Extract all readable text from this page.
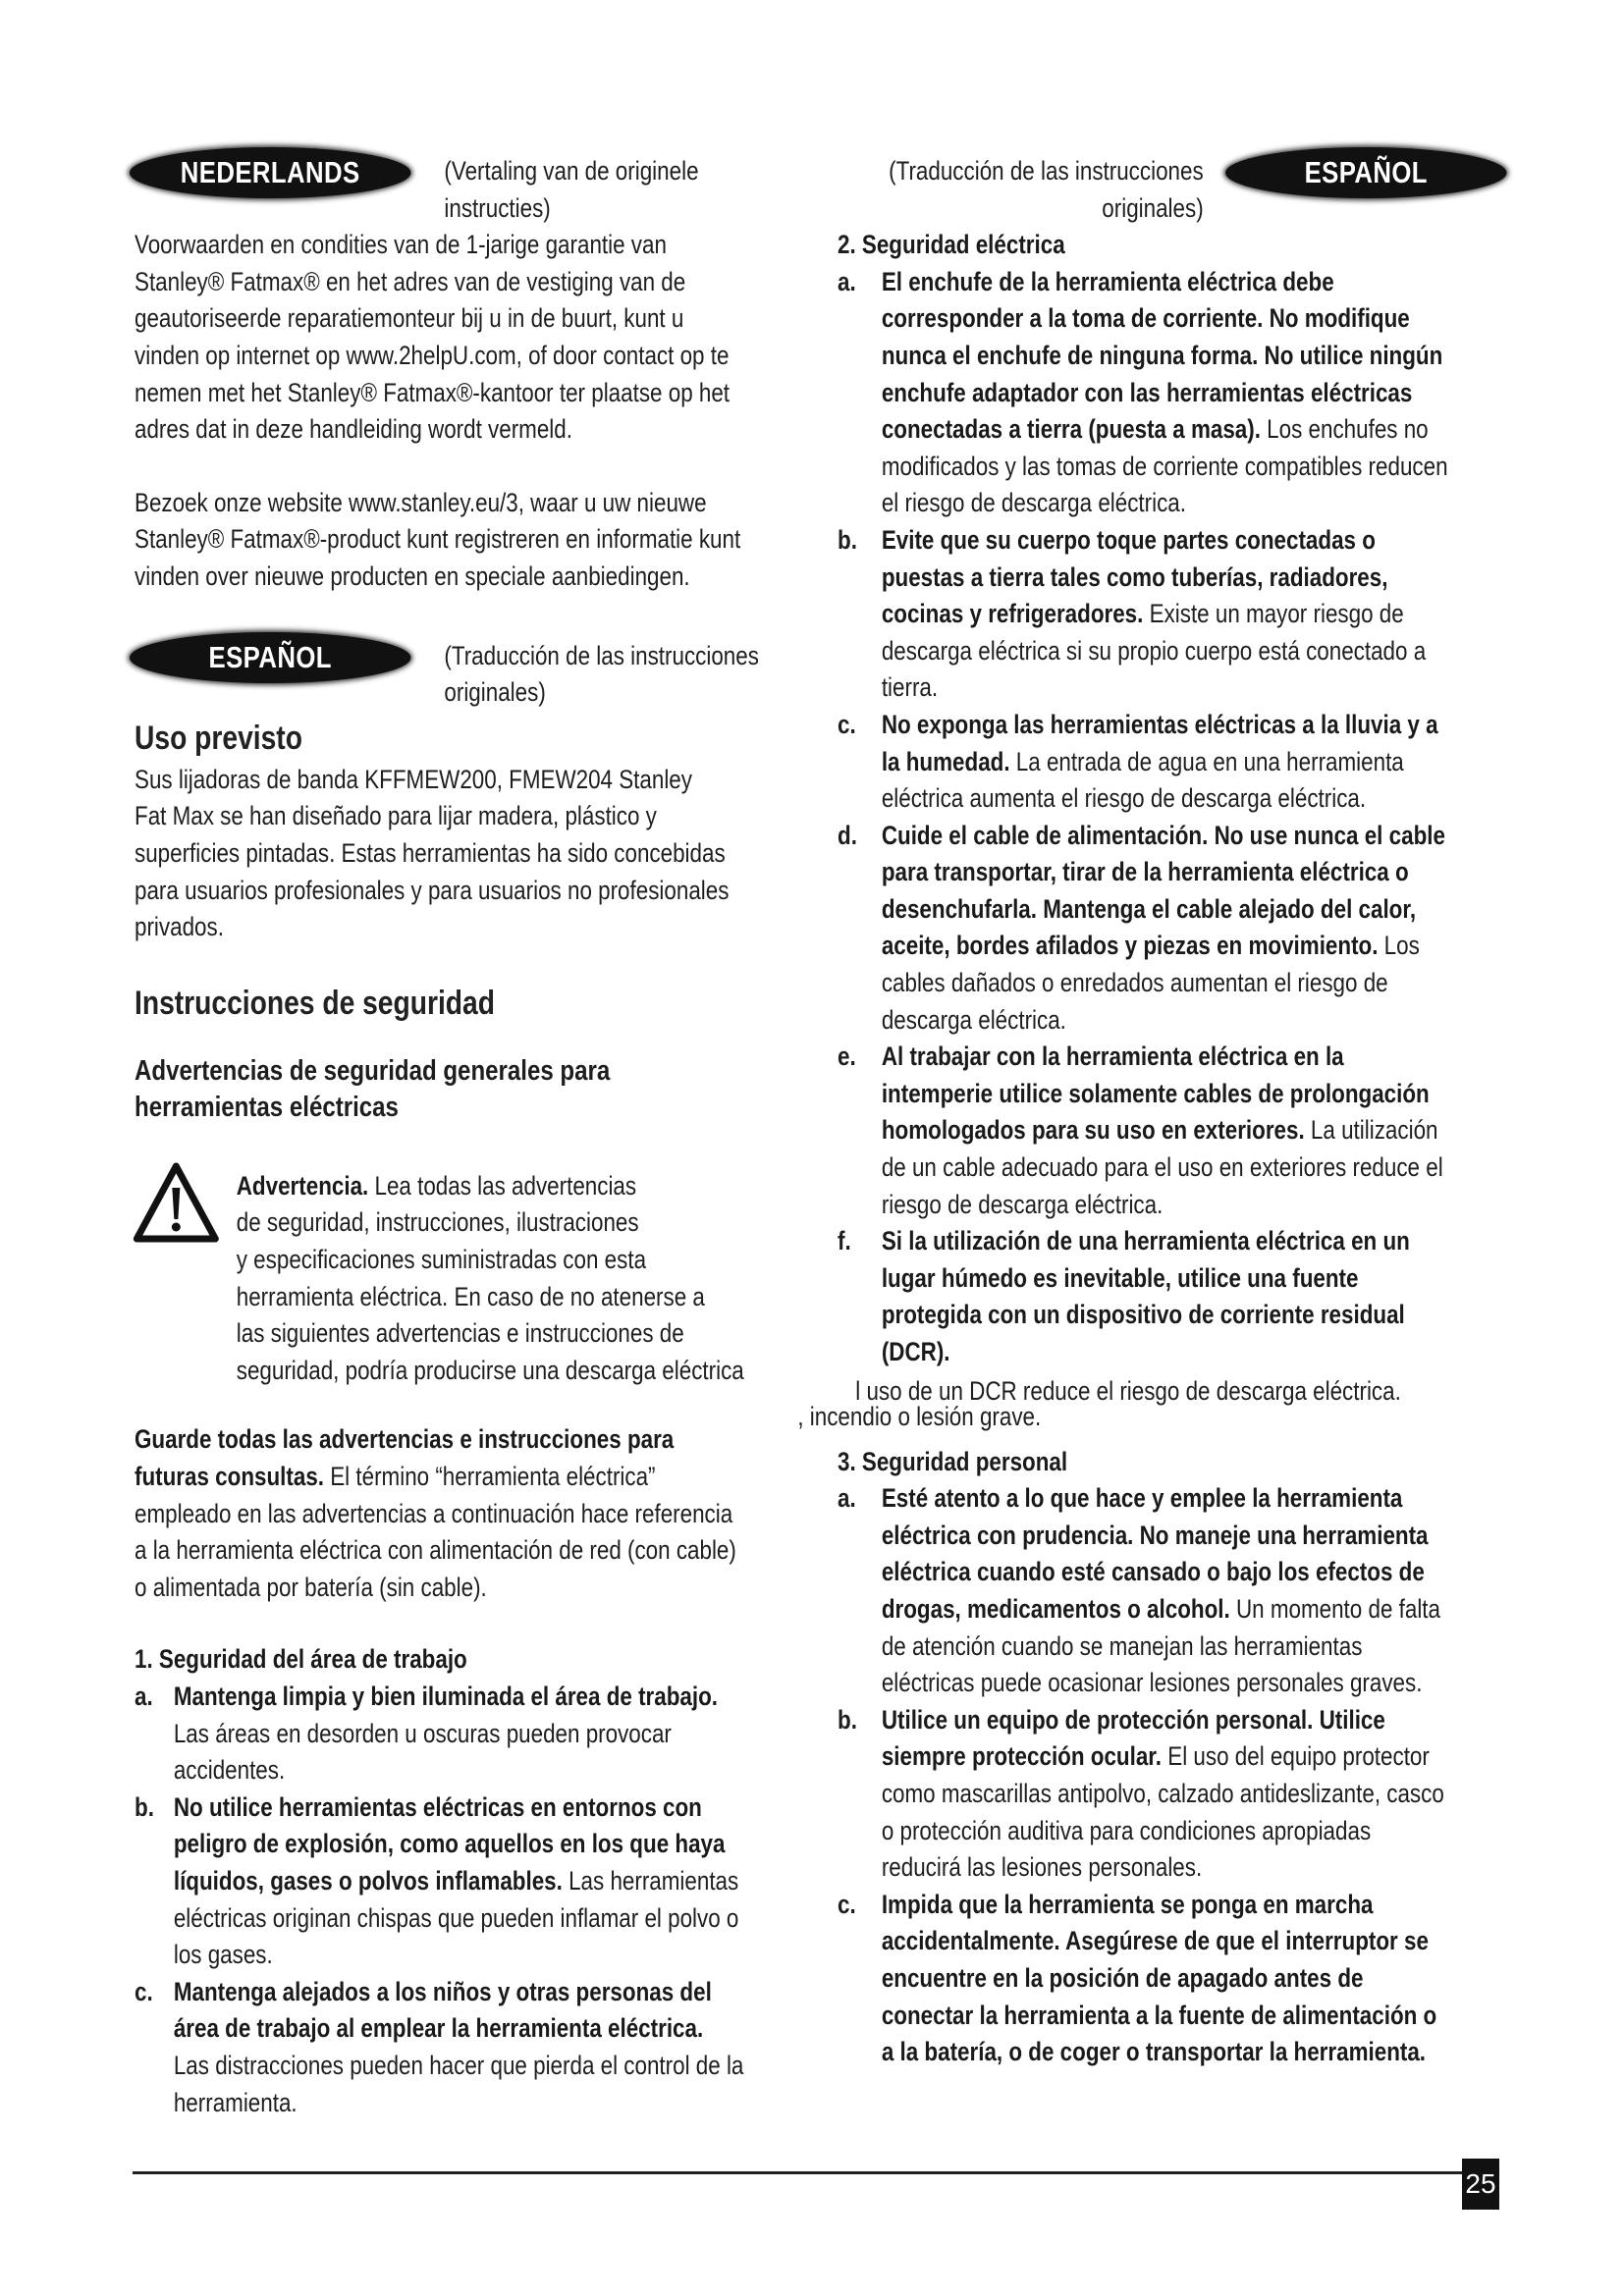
NEDERLANDS	(Vertaling van de originele
instructies)
Voorwaarden en condities van de 1-jarige garantie van
Stanley® Fatmax® en het adres van de vestiging van de
geautoriseerde reparatiemonteur bij u in de buurt, kunt u
vinden op internet op www.2helpU.com, of door contact op te
nemen met het Stanley® Fatmax®-kantoor ter plaatse op het
adres dat in deze handleiding wordt vermeld.
Bezoek onze website www.stanley.eu/3, waar u uw nieuwe
Stanley® Fatmax®-product kunt registreren en informatie kunt
vinden over nieuwe producten en speciale aanbiedingen.
ESPAÑOL	(Traducción de las instrucciones
originales)
Uso previsto
Sus lijadoras de banda KFFMEW200, FMEW204 Stanley
Fat Max se han diseñado para lijar madera, plástico y
superficies pintadas. Estas herramientas ha sido concebidas
para usuarios profesionales y para usuarios no profesionales
privados.
Instrucciones de seguridad
Advertencias de seguridad generales para
herramientas eléctricas
Advertencia. Lea todas las advertencias
de seguridad, instrucciones, ilustraciones
y especificaciones suministradas con esta
herramienta eléctrica. En caso de no atenerse a
las siguientes advertencias e instrucciones de
seguridad, podría producirse una descarga eléctrica
Guarde todas las advertencias e instrucciones para
futuras consultas. El término “herramienta eléctrica”
empleado en las advertencias a continuación hace referencia
a la herramienta eléctrica con alimentación de red (con cable)
o alimentada por batería (sin cable).
1. Seguridad del área de trabajo
a. Mantenga limpia y bien iluminada el área de trabajo.
Las áreas en desorden u oscuras pueden provocar
accidentes.
b. No utilice herramientas eléctricas en entornos con
peligro de explosión, como aquellos en los que haya
líquidos, gases o polvos inflamables. Las herramientas
eléctricas originan chispas que pueden inflamar el polvo o
los gases.
c. Mantenga alejados a los niños y otras personas del
área de trabajo al emplear la herramienta eléctrica.
Las distracciones pueden hacer que pierda el control de la
herramienta.
ESPAÑOL
(Traducción de las instrucciones
originales)
2. Seguridad eléctrica
a. El enchufe de la herramienta eléctrica debe
corresponder a la toma de corriente. No modifique
nunca el enchufe de ninguna forma. No utilice ningún
enchufe adaptador con las herramientas eléctricas
conectadas a tierra (puesta a masa). Los enchufes no
modificados y las tomas de corriente compatibles reducen
el riesgo de descarga eléctrica.
b. Evite que su cuerpo toque partes conectadas o
puestas a tierra tales como tuberías, radiadores,
cocinas y refrigeradores. Existe un mayor riesgo de
descarga eléctrica si su propio cuerpo está conectado a
tierra.
c. No exponga las herramientas eléctricas a la lluvia y a
la humedad. La entrada de agua en una herramienta
eléctrica aumenta el riesgo de descarga eléctrica.
d. Cuide el cable de alimentación. No use nunca el cable
para transportar, tirar de la herramienta eléctrica o
desenchufarla. Mantenga el cable alejado del calor,
aceite, bordes afilados y piezas en movimiento. Los
cables dañados o enredados aumentan el riesgo de
descarga eléctrica.
e. Al trabajar con la herramienta eléctrica en la
intemperie utilice solamente cables de prolongación
homologados para su uso en exteriores. La utilización
de un cable adecuado para el uso en exteriores reduce el
riesgo de descarga eléctrica.
f.	Si la utilización de una herramienta eléctrica en un
lugar húmedo es inevitable, utilice una fuente
protegida con un dispositivo de corriente residual
(DCR).
l uso de un DCR reduce el riesgo de descarga eléctrica.
, incendio o lesión grave.
3. Seguridad personal
a. Esté atento a lo que hace y emplee la herramienta
eléctrica con prudencia. No maneje una herramienta
eléctrica cuando esté cansado o bajo los efectos de
drogas, medicamentos o alcohol. Un momento de falta
de atención cuando se manejan las herramientas
eléctricas puede ocasionar lesiones personales graves.
b. Utilice un equipo de protección personal. Utilice
siempre protección ocular. El uso del equipo protector
como mascarillas antipolvo, calzado antideslizante, casco
o protección auditiva para condiciones apropiadas
reducirá las lesiones personales.
c. Impida que la herramienta se ponga en marcha
accidentalmente. Asegúrese de que el interruptor se
encuentre en la posición de apagado antes de
conectar la herramienta a la fuente de alimentación o
a la batería, o de coger o transportar la herramienta.
25
